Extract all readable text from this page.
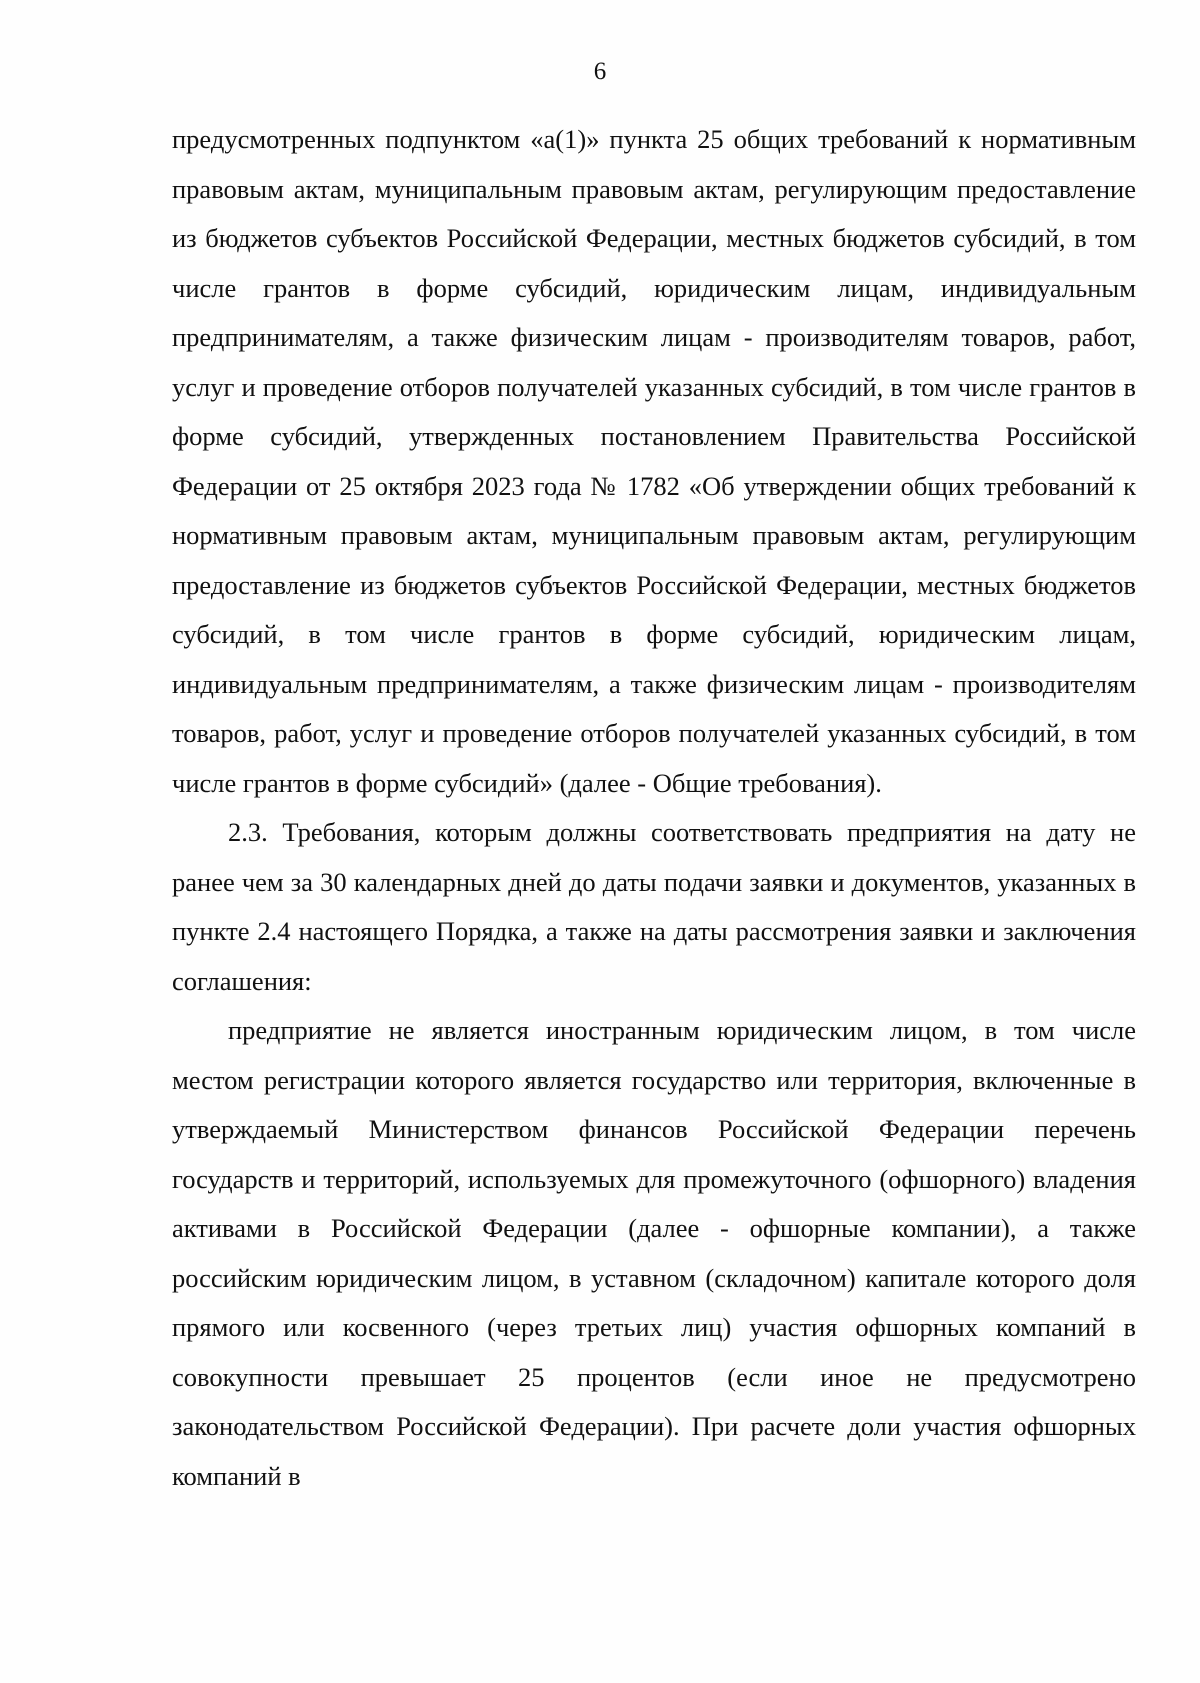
6

предусмотренных подпунктом «а(1)» пункта 25 общих требований к нормативным правовым актам, муниципальным правовым актам, регулирующим предоставление из бюджетов субъектов Российской Федерации, местных бюджетов субсидий, в том числе грантов в форме субсидий, юридическим лицам, индивидуальным предпринимателям, а также физическим лицам - производителям товаров, работ, услуг и проведение отборов получателей указанных субсидий, в том числе грантов в форме субсидий, утвержденных постановлением Правительства Российской Федерации от 25 октября 2023 года № 1782 «Об утверждении общих требований к нормативным правовым актам, муниципальным правовым актам, регулирующим предоставление из бюджетов субъектов Российской Федерации, местных бюджетов субсидий, в том числе грантов в форме субсидий, юридическим лицам, индивидуальным предпринимателям, а также физическим лицам - производителям товаров, работ, услуг и проведение отборов получателей указанных субсидий, в том числе грантов в форме субсидий» (далее - Общие требования).

2.3. Требования, которым должны соответствовать предприятия на дату не ранее чем за 30 календарных дней до даты подачи заявки и документов, указанных в пункте 2.4 настоящего Порядка, а также на даты рассмотрения заявки и заключения соглашения:

предприятие не является иностранным юридическим лицом, в том числе местом регистрации которого является государство или территория, включенные в утверждаемый Министерством финансов Российской Федерации перечень государств и территорий, используемых для промежуточного (офшорного) владения активами в Российской Федерации (далее - офшорные компании), а также российским юридическим лицом, в уставном (складочном) капитале которого доля прямого или косвенного (через третьих лиц) участия офшорных компаний в совокупности превышает 25 процентов (если иное не предусмотрено законодательством Российской Федерации). При расчете доли участия офшорных компаний в
